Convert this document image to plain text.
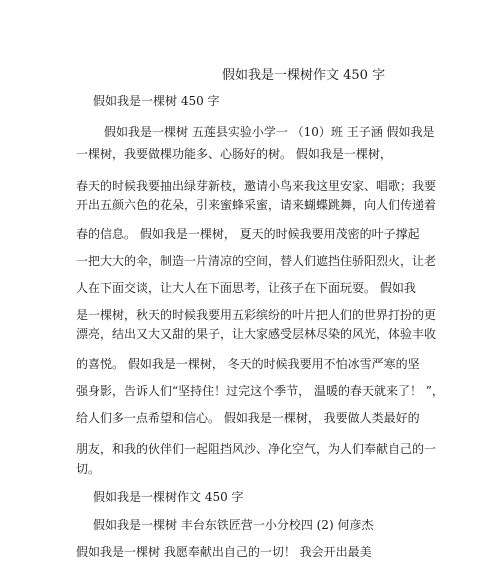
假如我是一棵树作文 450 字
假如我是一棵树 450 字
假如我是一棵树 五莲县实验小学一 （10）班 王子涵 假如我是
一棵树，我要做棵功能多、心肠好的树。 假如我是一棵树，
春天的时候我要抽出绿芽新枝，邀请小鸟来我这里安家、唱歌；我要
开出五颜六色的花朵，引来蜜蜂采蜜，请来蝴蝶跳舞，向人们传递着
春的信息。 假如我是一棵树， 夏天的时候我要用茂密的叶子撑起
一把大大的伞，制造一片清凉的空间，替人们遮挡住骄阳烈火，让老
人在下面交谈，让大人在下面思考，让孩子在下面玩耍。 假如我
是一棵树，秋天的时候我要用五彩缤纷的叶片把人们的世界打扮的更
漂亮，结出又大又甜的果子，让大家感受层林尽染的风光，体验丰收
的喜悦。 假如我是一棵树， 冬天的时候我要用不怕冰雪严寒的坚
强身影，告诉人们“坚持住！过完这个季节， 温暖的春天就来了！ ”，
给人们多一点希望和信心。 假如我是一棵树， 我要做人类最好的
朋友，和我的伙伴们一起阻挡风沙、净化空气，为人们奉献自己的一
切。
假如我是一棵树作文 450 字
假如我是一棵树 丰台东铁匠营一小分校四 (2) 何彦杰
假如我是一棵树 我愿奉献出自己的一切！ 我会开出最美
